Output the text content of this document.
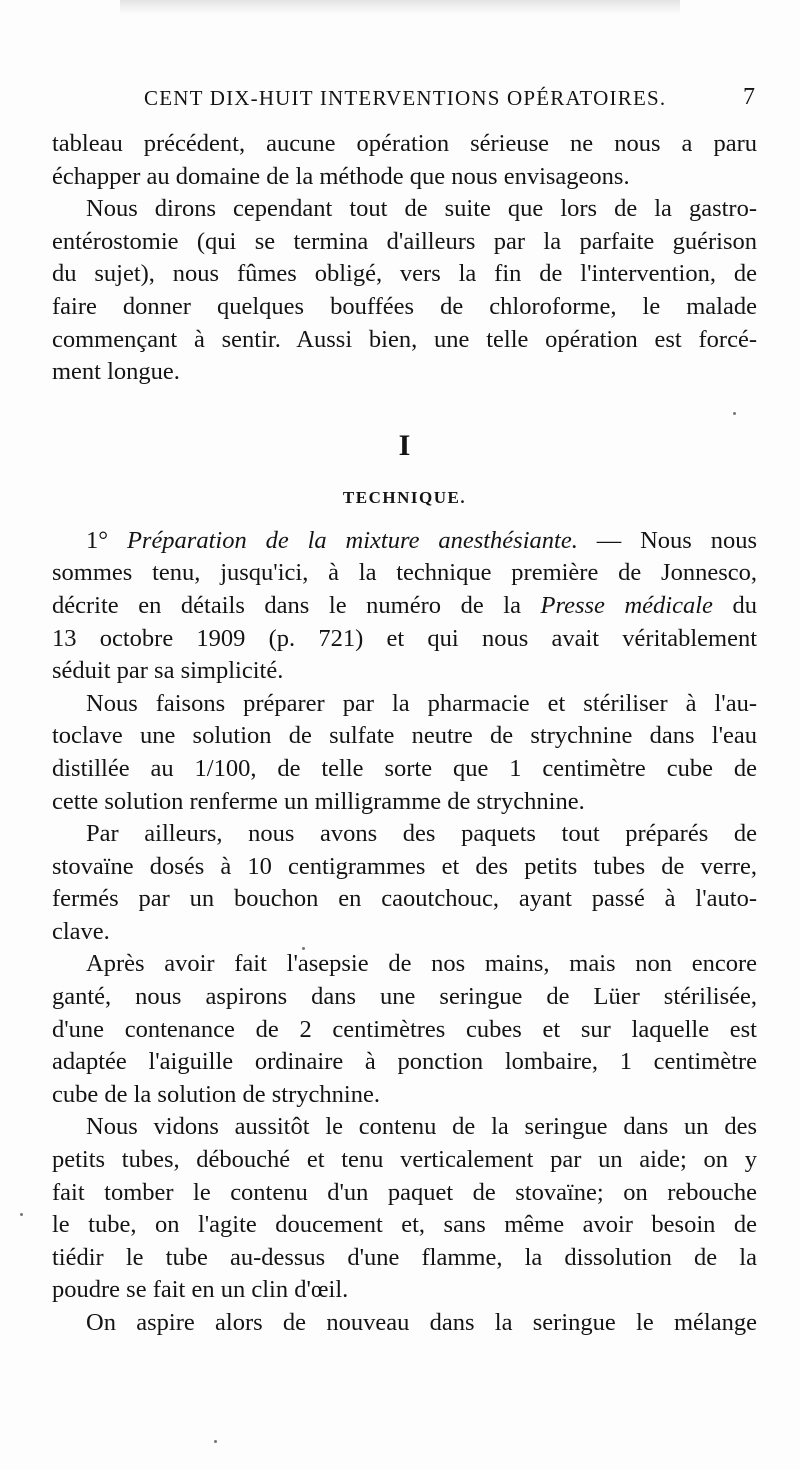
CENT DIX-HUIT INTERVENTIONS OPÉRATOIRES.	7
tableau précédent, aucune opération sérieuse ne nous a paru
échapper au domaine de la méthode que nous envisageons.
Nous dirons cependant tout de suite que lors de la gastro-
entérostomie (qui se termina d'ailleurs par la parfaite guérison
du sujet), nous fûmes obligé, vers la fin de l'intervention, de
faire donner quelques bouffées de chloroforme, le malade
commençant à sentir. Aussi bien, une telle opération est forcé-
ment longue.
I
TECHNIQUE.
1° Préparation de la mixture anesthésiante. — Nous nous
sommes tenu, jusqu'ici, à la technique première de Jonnesco,
décrite en détails dans le numéro de la Presse médicale du
13 octobre 1909 (p. 721) et qui nous avait véritablement
séduit par sa simplicité.
Nous faisons préparer par la pharmacie et stériliser à l'au-
toclave une solution de sulfate neutre de strychnine dans l'eau
distillée au 1/100, de telle sorte que 1 centimètre cube de
cette solution renferme un milligramme de strychnine.
Par ailleurs, nous avons des paquets tout préparés de
stovaïne dosés à 10 centigrammes et des petits tubes de verre,
fermés par un bouchon en caoutchouc, ayant passé à l'auto-
clave.
Après avoir fait l'asepsie de nos mains, mais non encore
ganté, nous aspirons dans une seringue de Lüer stérilisée,
d'une contenance de 2 centimètres cubes et sur laquelle est
adaptée l'aiguille ordinaire à ponction lombaire, 1 centimètre
cube de la solution de strychnine.
Nous vidons aussitôt le contenu de la seringue dans un des
petits tubes, débouché et tenu verticalement par un aide; on y
fait tomber le contenu d'un paquet de stovaïne; on rebouche
le tube, on l'agite doucement et, sans même avoir besoin de
tiédir le tube au-dessus d'une flamme, la dissolution de la
poudre se fait en un clin d'œil.
On aspire alors de nouveau dans la seringue le mélange
